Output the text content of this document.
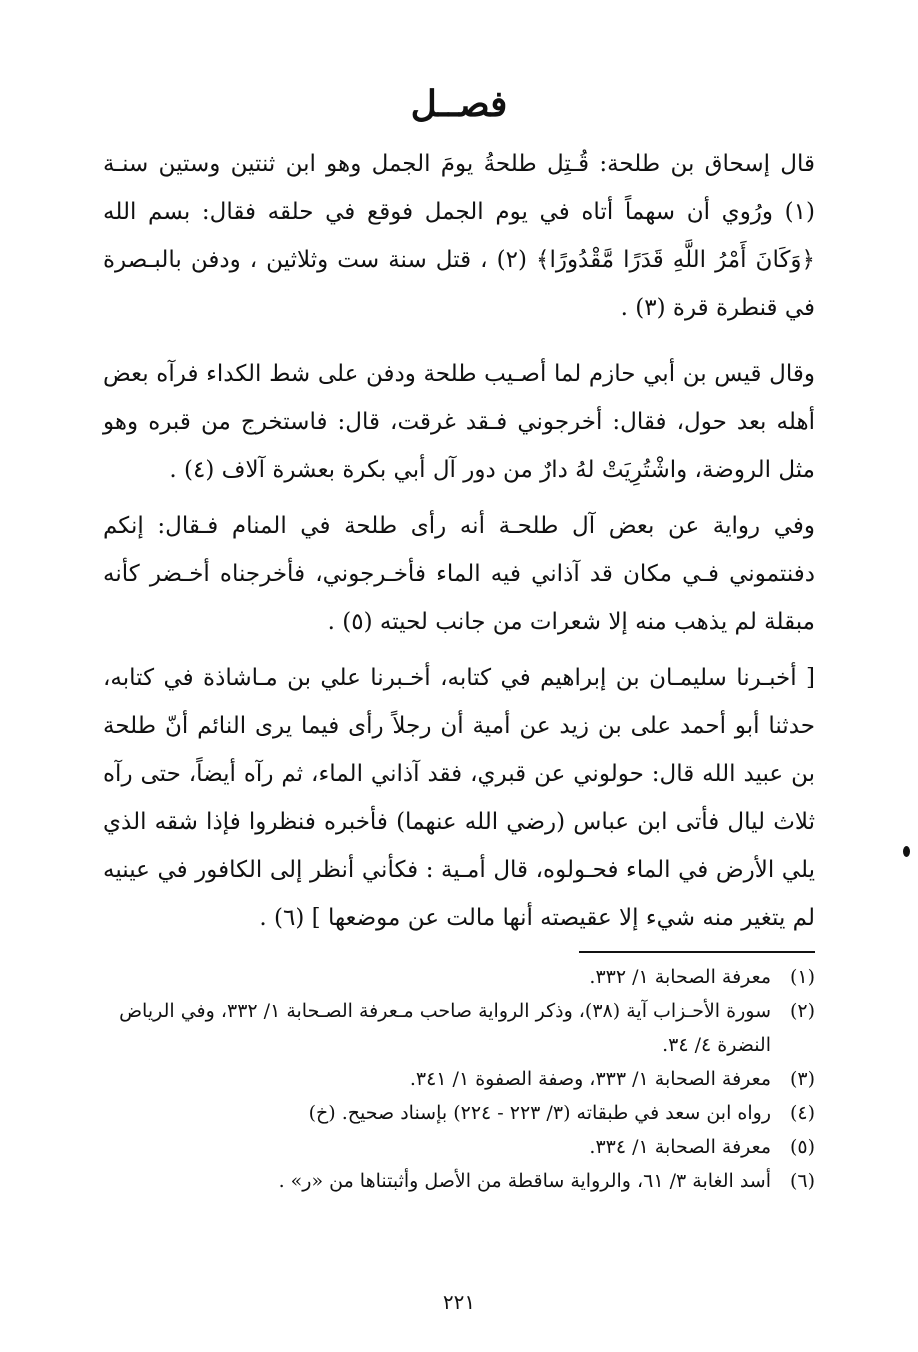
فصــل

قال إسحاق بن طلحة: قُـتِل طلحةُ يومَ الجمل وهو ابن ثنتين وستين سنـة (١) ورُوي أن سهماً أتاه في يوم الجمل فوقع في حلقه فقال: بسم الله ﴿وَكَانَ أَمْرُ اللَّهِ قَدَرًا مَّقْدُورًا﴾ (٢) ، قتل سنة ست وثلاثين ، ودفن بالبـصرة في قنطرة قرة (٣) .

وقال قيس بن أبي حازم لما أصـيب طلحة ودفن على شط الكداء فرآه بعض أهله بعد حول، فقال: أخرجوني فـقد غرقت، قال: فاستخرج من قبره وهو مثل الروضة، واشْتُرِيَتْ لهُ دارٌ من دور آل أبي بكرة بعشرة آلاف (٤) .

وفي رواية عن بعض آل طلحـة أنه رأى طلحة في المنام فـقال: إنكم دفنتموني فـي مكان قد آذاني فيه الماء فأخـرجوني، فأخرجناه أخـضر كأنه مبقلة لم يذهب منه إلا شعرات من جانب لحيته (٥) .

[ أخبـرنا سليمـان بن إبراهيم في كتابه، أخـبرنا علي بن مـاشاذة في كتابه، حدثنا أبو أحمد على بن زيد عن أمية أن رجلاً رأى فيما يرى النائم أنّ طلحة بن عبيد الله قال: حولوني عن قبري، فقد آذاني الماء، ثم رآه أيضاً، حتى رآه ثلاث ليال فأتى ابن عباس (رضي الله عنهما) فأخبره فنظروا فإذا شقه الذي يلي الأرض في الماء فحـولوه، قال أمـية : فكأني أنظر إلى الكافور في عينيه لم يتغير منه شيء إلا عقيصته أنها مالت عن موضعها ] (٦) .

(١)
معرفة الصحابة ١/ ٣٣٢.
(٢)
سورة الأحـزاب آية (٣٨)، وذكر الرواية صاحب مـعرفة الصـحابة ١/ ٣٣٢، وفي الرياض النضرة ٤/ ٣٤.
(٣)
معرفة الصحابة ١/ ٣٣٣، وصفة الصفوة ١/ ٣٤١.
(٤)
رواه ابن سعد في طبقاته (٣/ ٢٢٣ - ٢٢٤) بإسناد صحيح. (خ)
(٥)
معرفة الصحابة ١/ ٣٣٤.
(٦)
أسد الغابة ٣/ ٦١، والرواية ساقطة من الأصل وأثبتناها من «ر» .
٢٢١
